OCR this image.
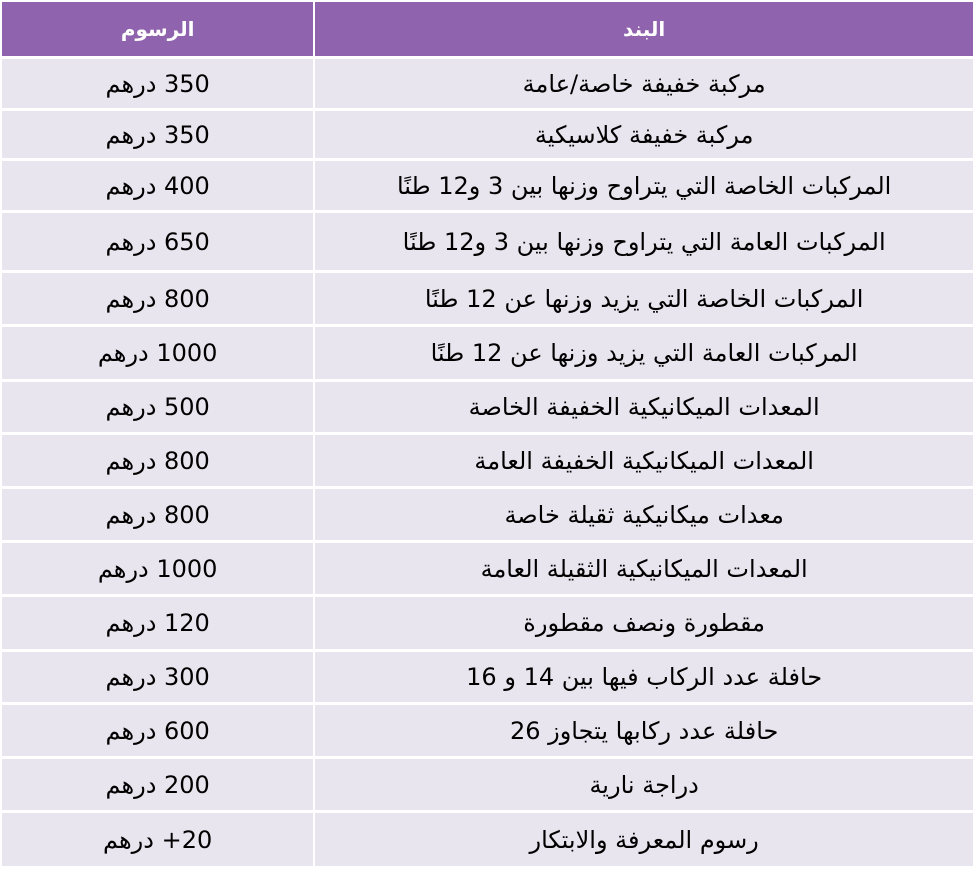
البند	الرسوم
مركبة خفيفة خاصة/عامة	350 درهم
مركبة خفيفة كلاسيكية	350 درهم
المركبات الخاصة التي يتراوح وزنها بين 3 و12 طنًا	400 درهم
المركبات العامة التي يتراوح وزنها بين 3 و12 طنًا	650 درهم
المركبات الخاصة التي يزيد وزنها عن 12 طنًا	800 درهم
المركبات العامة التي يزيد وزنها عن 12 طنًا	1000 درهم
المعدات الميكانيكية الخفيفة الخاصة	500 درهم
المعدات الميكانيكية الخفيفة العامة	800 درهم
معدات ميكانيكية ثقيلة خاصة	800 درهم
المعدات الميكانيكية الثقيلة العامة	1000 درهم
مقطورة ونصف مقطورة	120 درهم
حافلة عدد الركاب فيها بين 14 و 16	300 درهم
حافلة عدد ركابها يتجاوز 26	600 درهم
دراجة نارية	200 درهم
رسوم المعرفة والابتكار	20+ درهم
